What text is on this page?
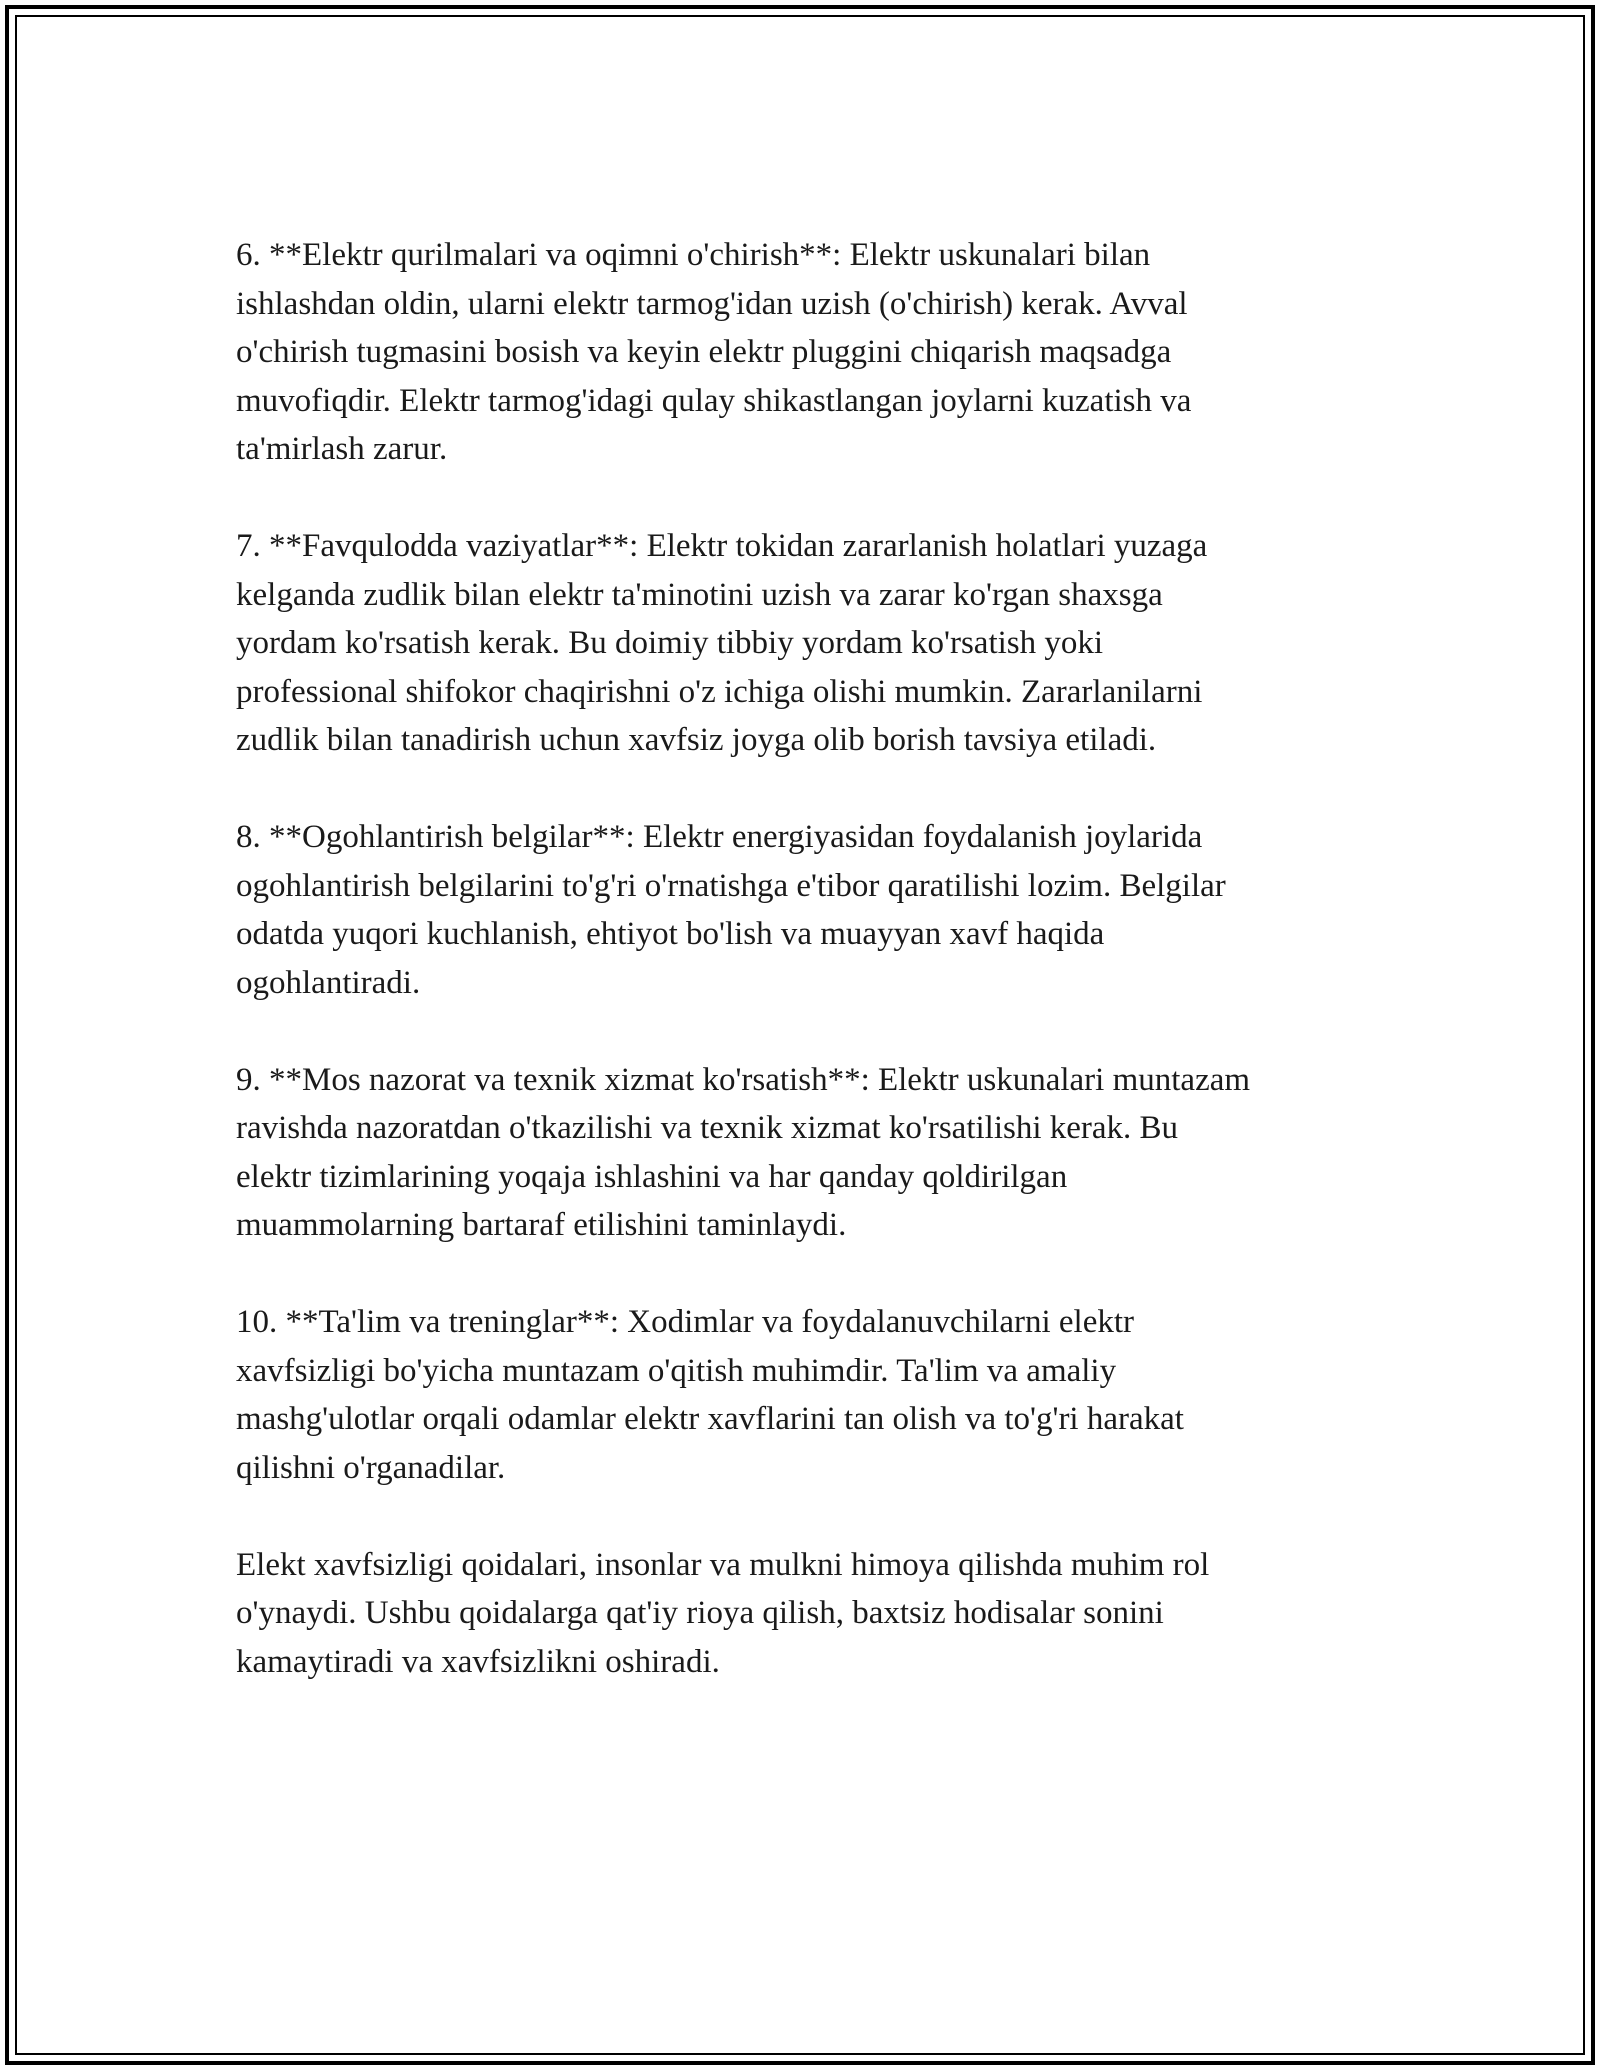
6. **Elektr qurilmalari va oqimni o'chirish**: Elektr uskunalari bilan
ishlashdan oldin, ularni elektr tarmog'idan uzish (o'chirish) kerak. Avval
o'chirish tugmasini bosish va keyin elektr pluggini chiqarish maqsadga
muvofiqdir. Elektr tarmog'idagi qulay shikastlangan joylarni kuzatish va
ta'mirlash zarur.

7. **Favqulodda vaziyatlar**: Elektr tokidan zararlanish holatlari yuzaga
kelganda zudlik bilan elektr ta'minotini uzish va zarar ko'rgan shaxsga
yordam ko'rsatish kerak. Bu doimiy tibbiy yordam ko'rsatish yoki
professional shifokor chaqirishni o'z ichiga olishi mumkin. Zararlanilarni
zudlik bilan tanadirish uchun xavfsiz joyga olib borish tavsiya etiladi.

8. **Ogohlantirish belgilar**: Elektr energiyasidan foydalanish joylarida
ogohlantirish belgilarini to'g'ri o'rnatishga e'tibor qaratilishi lozim. Belgilar
odatda yuqori kuchlanish, ehtiyot bo'lish va muayyan xavf haqida
ogohlantiradi.

9. **Mos nazorat va texnik xizmat ko'rsatish**: Elektr uskunalari muntazam
ravishda nazoratdan o'tkazilishi va texnik xizmat ko'rsatilishi kerak. Bu
elektr tizimlarining yoqaja ishlashini va har qanday qoldirilgan
muammolarning bartaraf etilishini taminlaydi.

10. **Ta'lim va treninglar**: Xodimlar va foydalanuvchilarni elektr
xavfsizligi bo'yicha muntazam o'qitish muhimdir. Ta'lim va amaliy
mashg'ulotlar orqali odamlar elektr xavflarini tan olish va to'g'ri harakat
qilishni o'rganadilar.

Elekt xavfsizligi qoidalari, insonlar va mulkni himoya qilishda muhim rol
o'ynaydi. Ushbu qoidalarga qat'iy rioya qilish, baxtsiz hodisalar sonini
kamaytiradi va xavfsizlikni oshiradi.
